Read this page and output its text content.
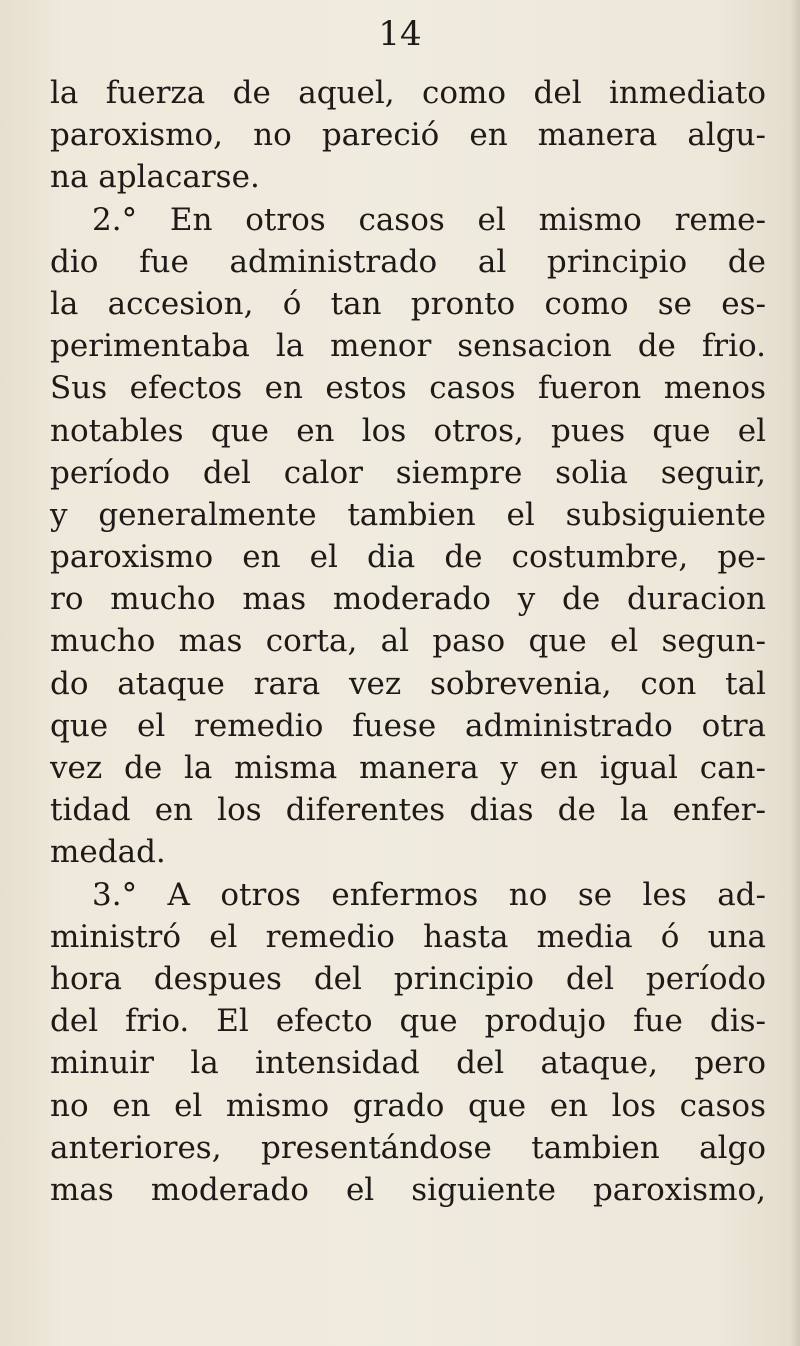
14
la fuerza de aquel, como del inmediato
paroxismo, no pareció en manera algu-
na aplacarse.
2.° En otros casos el mismo reme-
dio fue administrado al principio de
la accesion, ó tan pronto como se es-
perimentaba la menor sensacion de frio.
Sus efectos en estos casos fueron menos
notables que en los otros, pues que el
período del calor siempre solia seguir,
y generalmente tambien el subsiguiente
paroxismo en el dia de costumbre, pe-
ro mucho mas moderado y de duracion
mucho mas corta, al paso que el segun-
do ataque rara vez sobrevenia, con tal
que el remedio fuese administrado otra
vez de la misma manera y en igual can-
tidad en los diferentes dias de la enfer-
medad.
3.° A otros enfermos no se les ad-
ministró el remedio hasta media ó una
hora despues del principio del período
del frio. El efecto que produjo fue dis-
minuir la intensidad del ataque, pero
no en el mismo grado que en los casos
anteriores, presentándose tambien algo
mas moderado el siguiente paroxismo,
